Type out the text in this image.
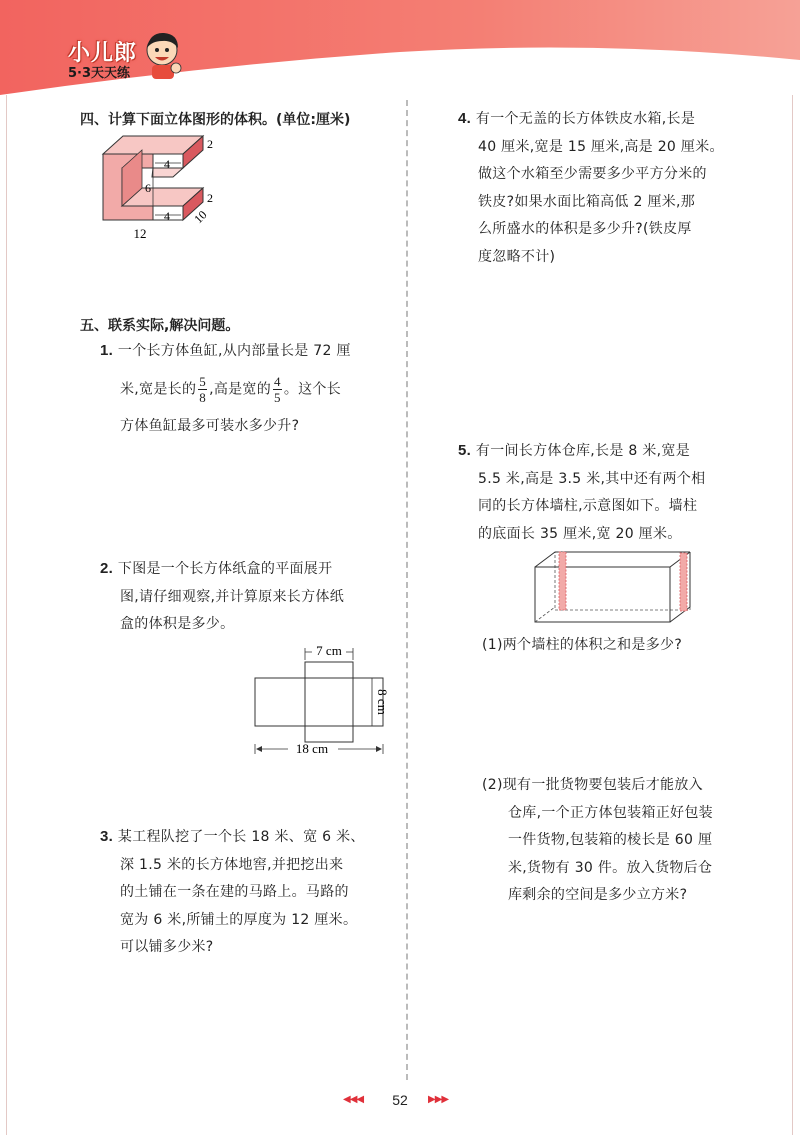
小儿郎
5·3天天练
四、计算下面立体图形的体积。(单位:厘米)
4
4
2
2
6
10
12
五、联系实际,解决问题。
1. 一个长方体鱼缸,从内部量长是 72 厘
米,宽是长的 $\frac{5}{8}$ ,高是宽的 $\frac{4}{5}$ 。这个长
方体鱼缸最多可装水多少升?
2. 下图是一个长方体纸盒的平面展开
图,请仔细观察,并计算原来长方体纸
盒的体积是多少。
7 cm
8 cm
18 cm
3. 某工程队挖了一个长 18 米、宽 6 米、
深 1.5 米的长方体地窖,并把挖出来
的土铺在一条在建的马路上。马路的
宽为 6 米,所铺土的厚度为 12 厘米。
可以铺多少米?
4. 有一个无盖的长方体铁皮水箱,长是
40 厘米,宽是 15 厘米,高是 20 厘米。
做这个水箱至少需要多少平方分米的
铁皮?如果水面比箱高低 2 厘米,那
么所盛水的体积是多少升?(铁皮厚
度忽略不计)
5. 有一间长方体仓库,长是 8 米,宽是
5.5 米,高是 3.5 米,其中还有两个相
同的长方体墙柱,示意图如下。墙柱
的底面长 35 厘米,宽 20 厘米。
(1)两个墙柱的体积之和是多少?
(2)现有一批货物要包装后才能放入
仓库,一个正方体包装箱正好包装
一件货物,包装箱的棱长是 60 厘
米,货物有 30 件。放入货物后仓
库剩余的空间是多少立方米?
◀◀◀	52	▶▶▶
